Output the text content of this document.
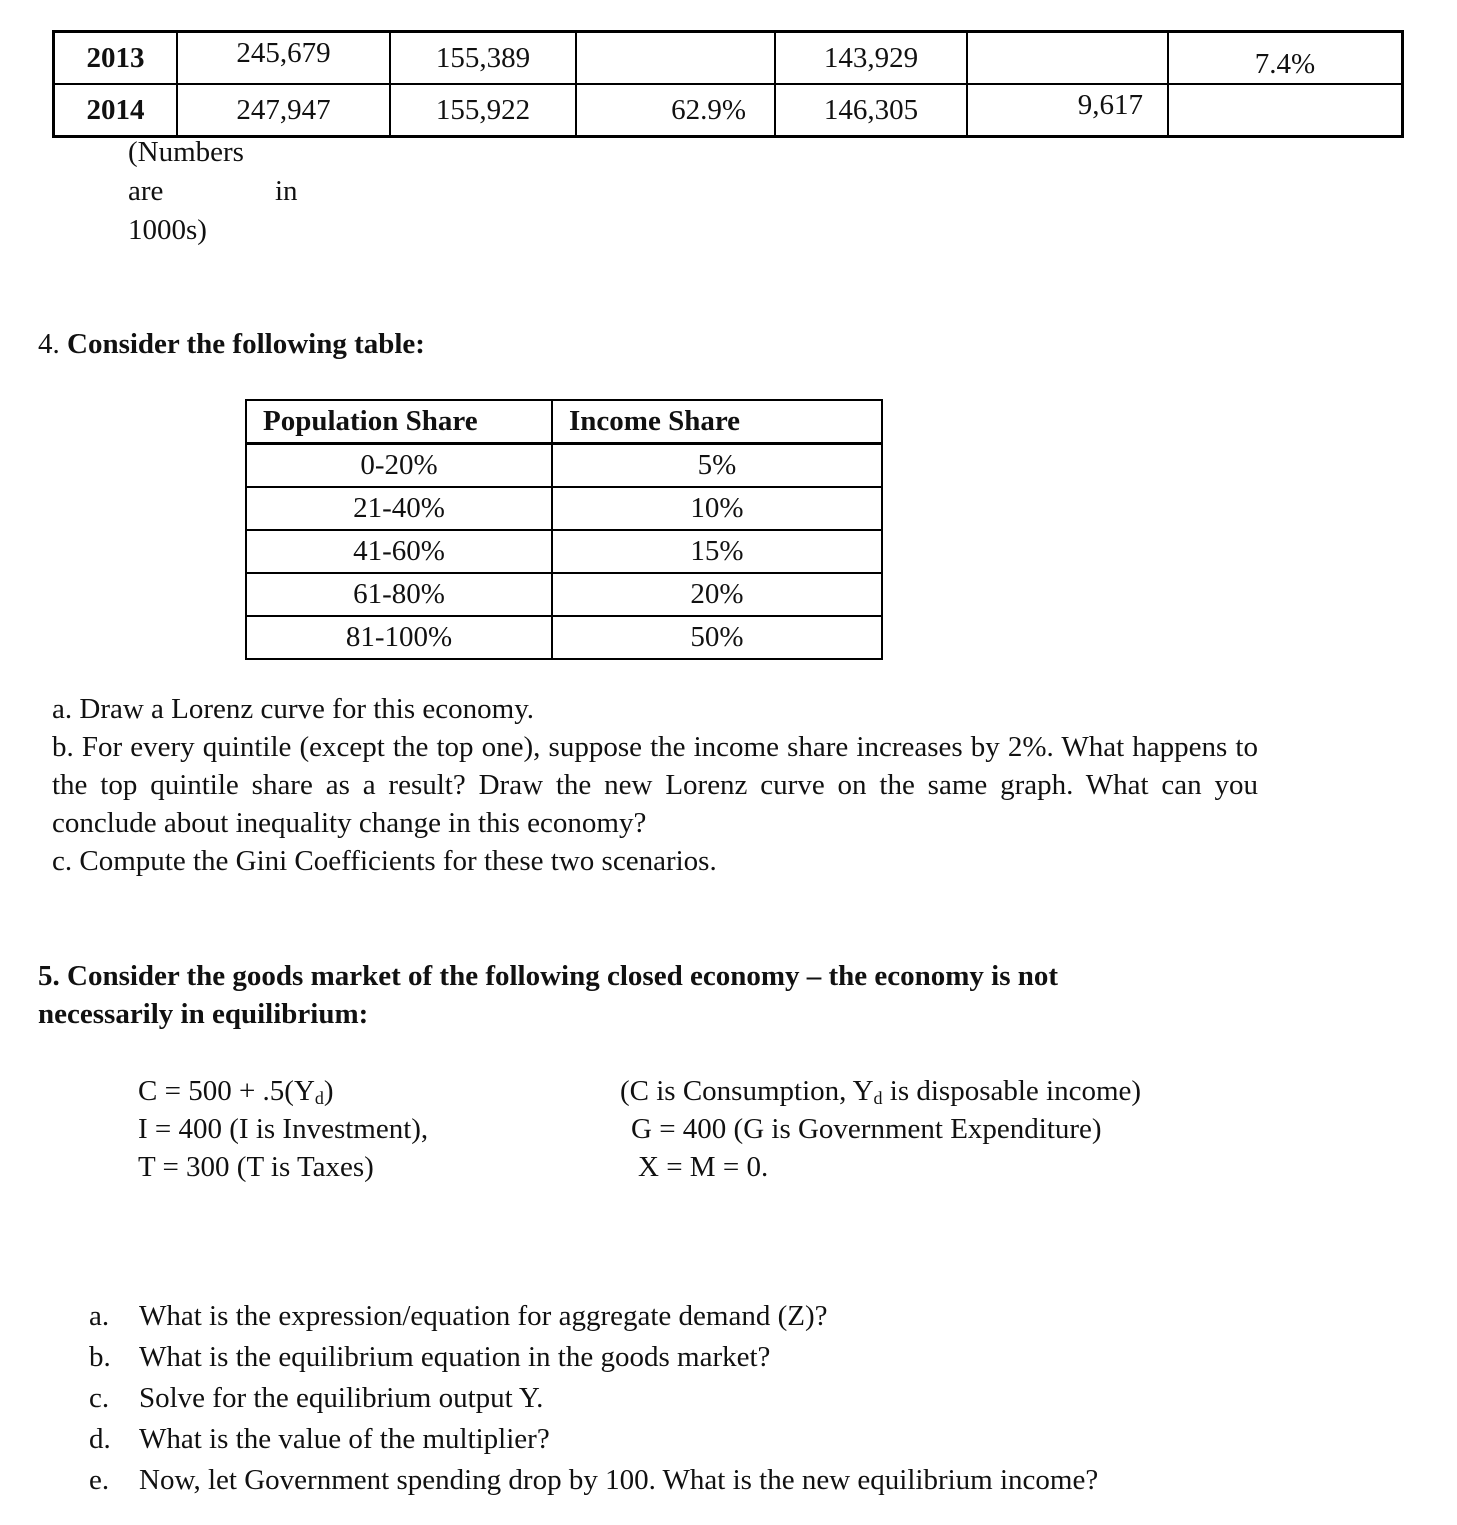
2013	245,679	155,389		143,929		7.4%
2014	247,947	155,922	62.9%	146,305	9,617	
(Numbers
are	in
1000s)
4. Consider the following table:
Population Share	Income Share
0-20%	5%
21-40%	10%
41-60%	15%
61-80%	20%
81-100%	50%
a. Draw a Lorenz curve for this economy.
b. For every quintile (except the top one), suppose the income share increases by 2%. What happens to the top quintile share as a result? Draw the new Lorenz curve on the same graph. What can you conclude about inequality change in this economy?
c. Compute the Gini Coefficients for these two scenarios.
5. Consider the goods market of the following closed economy – the economy is not
necessarily in equilibrium:
$C = 500 + .5(Y_d)$	(C is Consumption, $Y_d$ is disposable income)
I = 400 (I is Investment),	G = 400 (G is Government Expenditure)
T = 300 (T is Taxes)	X = M = 0.
a.	What is the expression/equation for aggregate demand (Z)?
b. What is the equilibrium equation in the goods market?
c.	Solve for the equilibrium output Y.
d. What is the value of the multiplier?
e.	Now, let Government spending drop by 100. What is the new equilibrium income?
